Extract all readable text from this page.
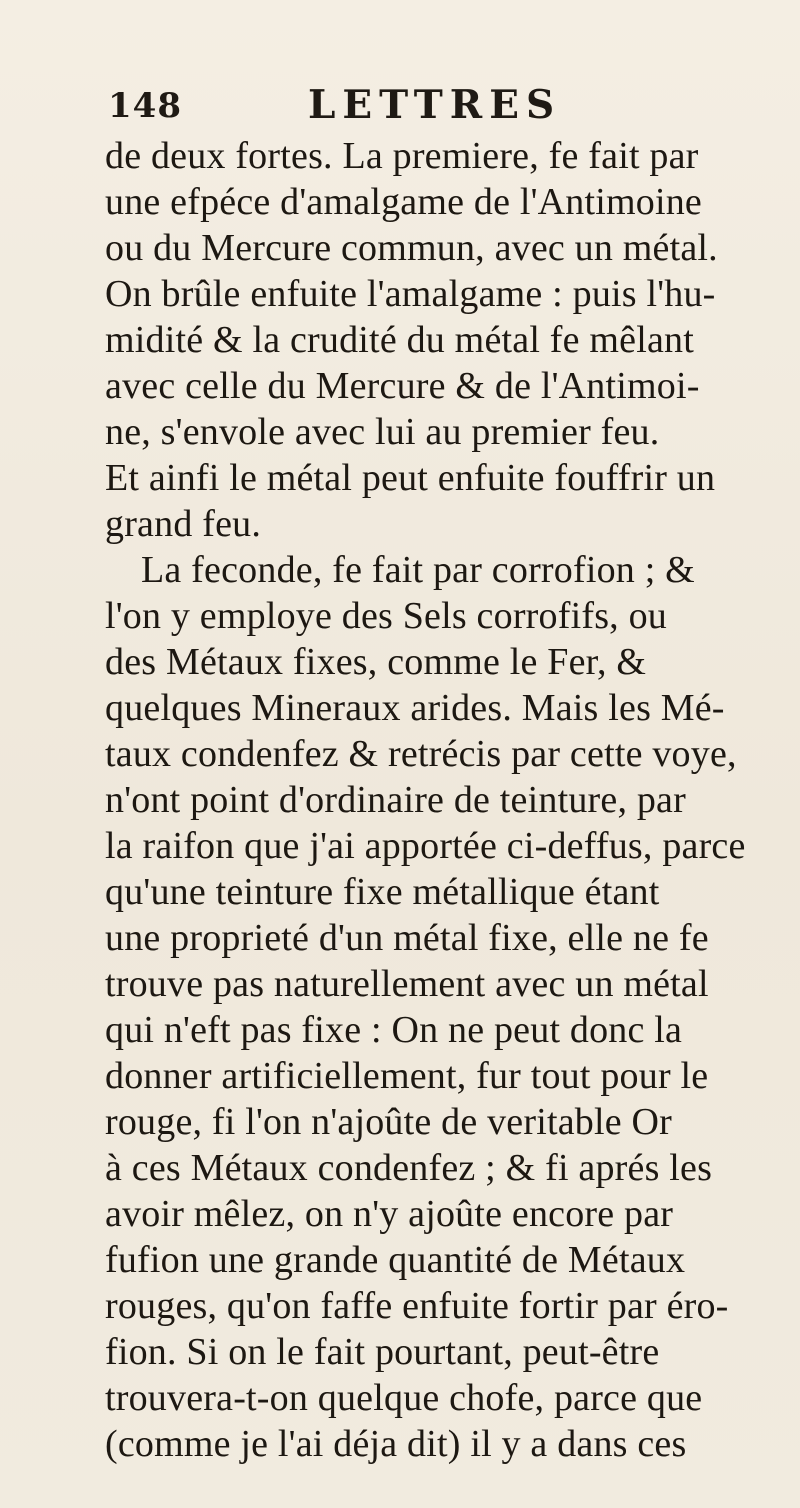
148	LETTRES
de deux fortes. La premiere, fe fait par
une efpéce d'amalgame de l'Antimoine
ou du Mercure commun, avec un métal.
On brûle enfuite l'amalgame : puis l'hu-
midité & la crudité du métal fe mêlant
avec celle du Mercure & de l'Antimoi-
ne, s'envole avec lui au premier feu.
Et ainfi le métal peut enfuite fouffrir un
grand feu.
La feconde, fe fait par corrofion ; &
l'on y employe des Sels corrofifs, ou
des Métaux fixes, comme le Fer, &
quelques Mineraux arides. Mais les Mé-
taux condenfez & retrécis par cette voye,
n'ont point d'ordinaire de teinture, par
la raifon que j'ai apportée ci-deffus, parce
qu'une teinture fixe métallique étant
une proprieté d'un métal fixe, elle ne fe
trouve pas naturellement avec un métal
qui n'eft pas fixe : On ne peut donc la
donner artificiellement, fur tout pour le
rouge, fi l'on n'ajoûte de veritable Or
à ces Métaux condenfez ; & fi aprés les
avoir mêlez, on n'y ajoûte encore par
fufion une grande quantité de Métaux
rouges, qu'on faffe enfuite fortir par éro-
fion. Si on le fait pourtant, peut-être
trouvera-t-on quelque chofe, parce que
(comme je l'ai déja dit) il y a dans ces
